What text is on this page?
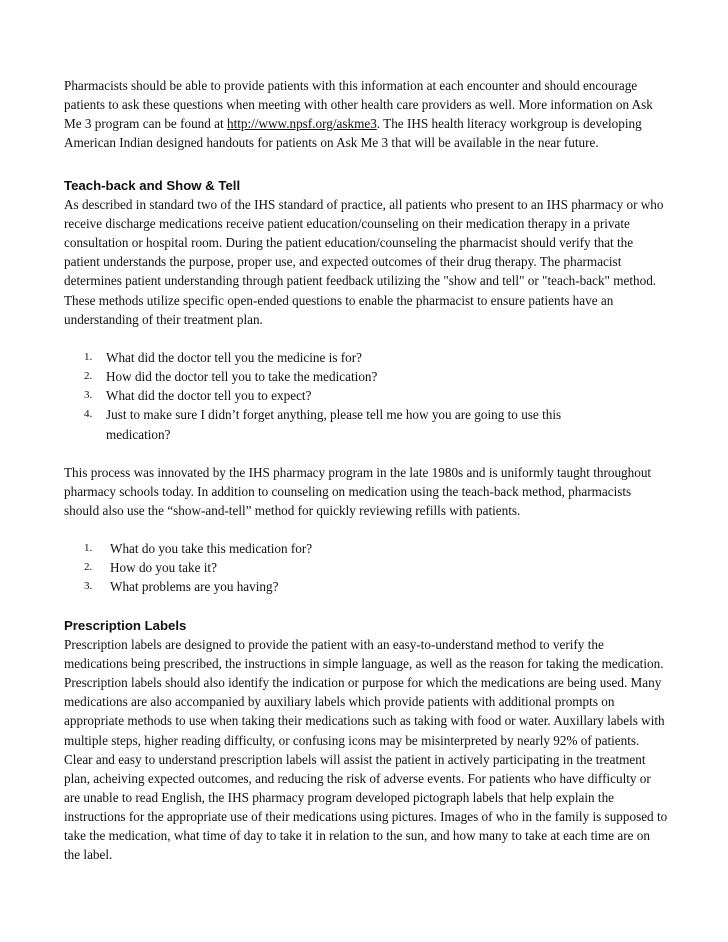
Pharmacists should be able to provide patients with this information at each encounter and should encourage patients to ask these questions when meeting with other health care providers as well. More information on Ask Me 3 program can be found at http://www.npsf.org/askme3. The IHS health literacy workgroup is developing American Indian designed handouts for patients on Ask Me 3 that will be available in the near future.

Teach-back and Show & Tell

As described in standard two of the IHS standard of practice, all patients who present to an IHS pharmacy or who receive discharge medications receive patient education/counseling on their medication therapy in a private consultation or hospital room. During the patient education/counseling the pharmacist should verify that the patient understands the purpose, proper use, and expected outcomes of their drug therapy. The pharmacist determines patient understanding through patient feedback utilizing the "show and tell" or "teach-back" method. These methods utilize specific open-ended questions to enable the pharmacist to ensure patients have an understanding of their treatment plan.

1. What did the doctor tell you the medicine is for?
2. How did the doctor tell you to take the medication?
3. What did the doctor tell you to expect?
4. Just to make sure I didn’t forget anything, please tell me how you are going to use this medication?

This process was innovated by the IHS pharmacy program in the late 1980s and is uniformly taught throughout pharmacy schools today. In addition to counseling on medication using the teach-back method, pharmacists should also use the “show-and-tell” method for quickly reviewing refills with patients.

1. What do you take this medication for?
2. How do you take it?
3. What problems are you having?
Prescription Labels

Prescription labels are designed to provide the patient with an easy-to-understand method to verify the medications being prescribed, the instructions in simple language, as well as the reason for taking the medication. Prescription labels should also identify the indication or purpose for which the medications are being used. Many medications are also accompanied by auxiliary labels which provide patients with additional prompts on appropriate methods to use when taking their medications such as taking with food or water. Auxillary labels with multiple steps, higher reading difficulty, or confusing icons may be misinterpreted by nearly 92% of patients. Clear and easy to understand prescription labels will assist the patient in actively participating in the treatment plan, acheiving expected outcomes, and reducing the risk of adverse events. For patients who have difficulty or are unable to read English, the IHS pharmacy program developed pictograph labels that help explain the instructions for the appropriate use of their medications using pictures. Images of who in the family is supposed to take the medication, what time of day to take it in relation to the sun, and how many to take at each time are on the label.
